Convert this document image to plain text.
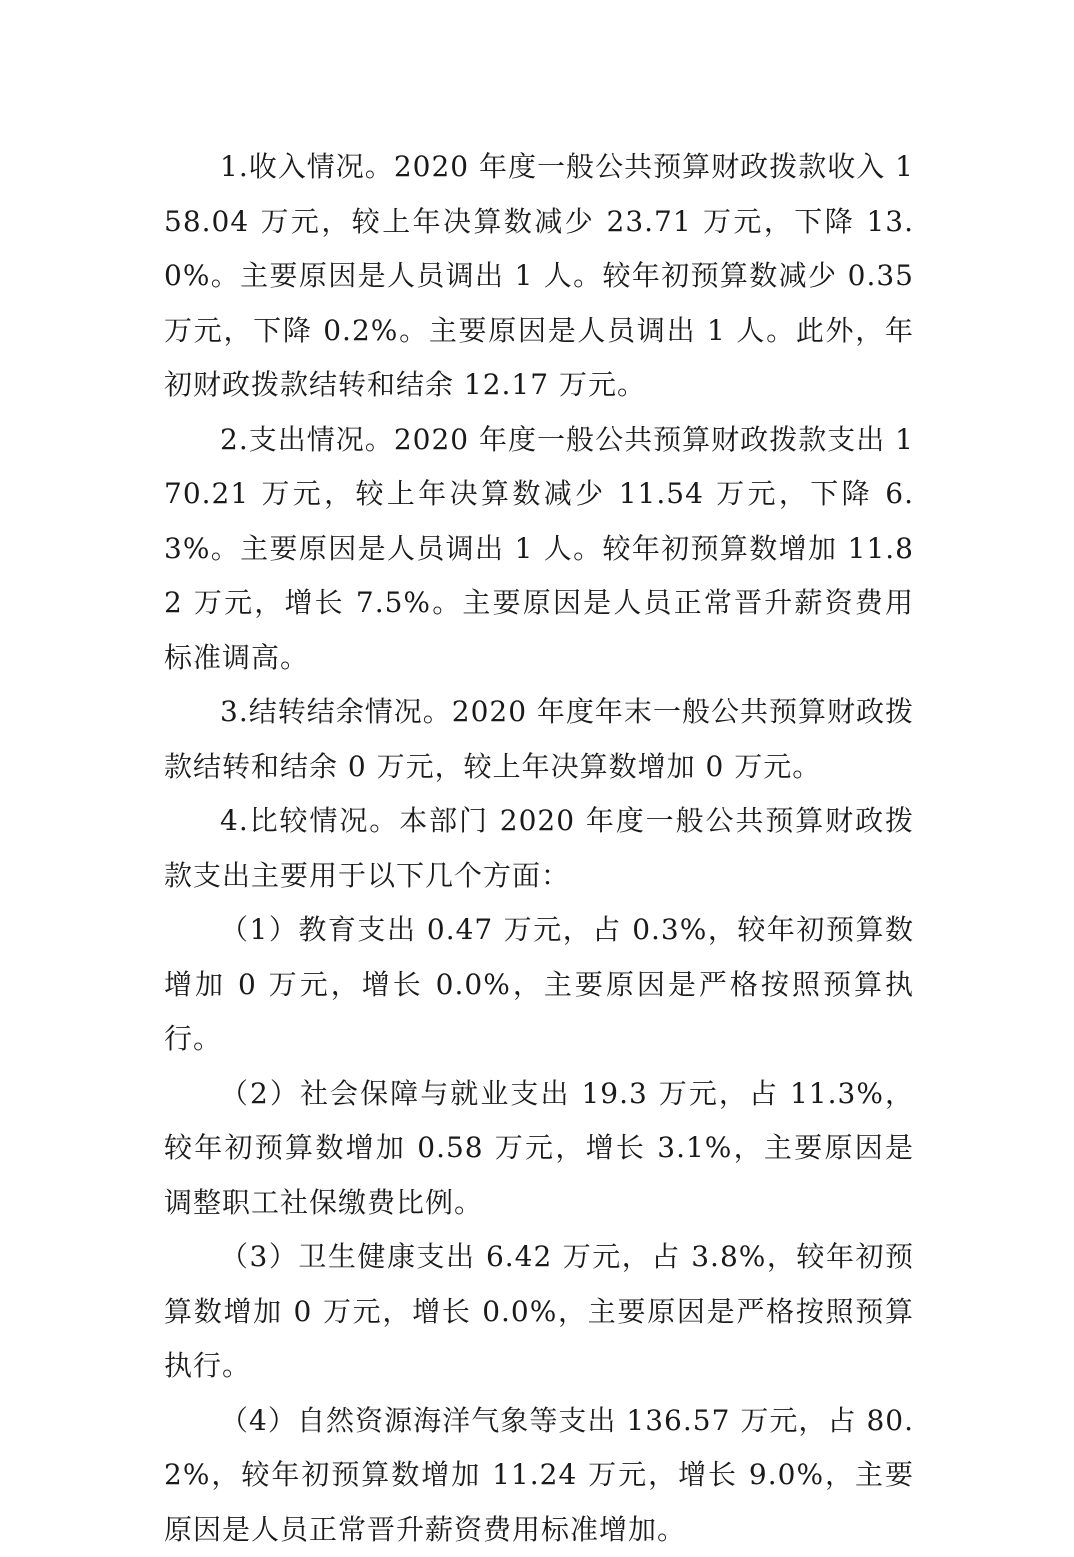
1.收入情况。2020 年度一般公共预算财政拨款收入 158.04 万元，较上年决算数减少 23.71 万元，下降 13.0%。主要原因是人员调出 1 人。较年初预算数减少 0.35 万元，下降 0.2%。主要原因是人员调出 1 人。此外，年初财政拨款结转和结余 12.17 万元。

2.支出情况。2020 年度一般公共预算财政拨款支出 170.21 万元，较上年决算数减少 11.54 万元，下降 6.3%。主要原因是人员调出 1 人。较年初预算数增加 11.82 万元，增长 7.5%。主要原因是人员正常晋升薪资费用标准调高。

3.结转结余情况。2020 年度年末一般公共预算财政拨款结转和结余 0 万元，较上年决算数增加 0 万元。

4.比较情况。本部门 2020 年度一般公共预算财政拨款支出主要用于以下几个方面：

（1）教育支出 0.47 万元，占 0.3%，较年初预算数增加 0 万元，增长 0.0%，主要原因是严格按照预算执行。

（2）社会保障与就业支出 19.3 万元，占 11.3%，较年初预算数增加 0.58 万元，增长 3.1%，主要原因是调整职工社保缴费比例。

（3）卫生健康支出 6.42 万元，占 3.8%，较年初预算数增加 0 万元，增长 0.0%，主要原因是严格按照预算执行。

（4）自然资源海洋气象等支出 136.57 万元，占 80.2%，较年初预算数增加 11.24 万元，增长 9.0%，主要原因是人员正常晋升薪资费用标准增加。
